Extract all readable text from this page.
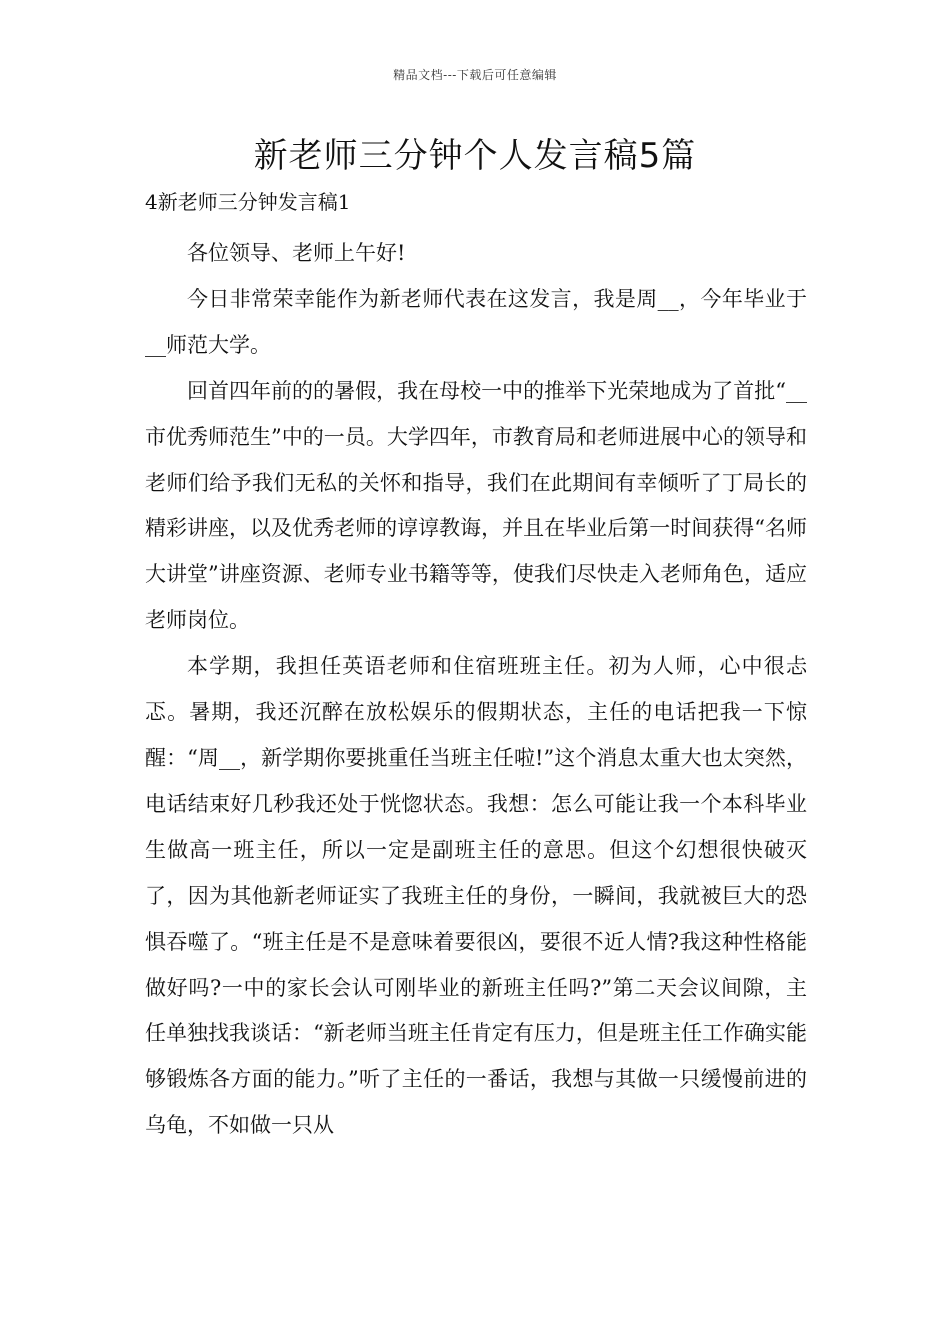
精品文档---下载后可任意编辑
新老师三分钟个人发言稿5篇
4新老师三分钟发言稿1

各位领导、老师上午好!

今日非常荣幸能作为新老师代表在这发言，我是周__，今年毕业于__师范大学。

回首四年前的的暑假，我在母校一中的推举下光荣地成为了首批“__市优秀师范生”中的一员。大学四年，市教育局和老师进展中心的领导和老师们给予我们无私的关怀和指导，我们在此期间有幸倾听了丁局长的精彩讲座，以及优秀老师的谆谆教诲，并且在毕业后第一时间获得“名师大讲堂”讲座资源、老师专业书籍等等，使我们尽快走入老师角色，适应老师岗位。

本学期，我担任英语老师和住宿班班主任。初为人师，心中很忐忑。暑期，我还沉醉在放松娱乐的假期状态，主任的电话把我一下惊醒：“周__，新学期你要挑重任当班主任啦!”这个消息太重大也太突然，电话结束好几秒我还处于恍惚状态。我想：怎么可能让我一个本科毕业生做高一班主任，所以一定是副班主任的意思。但这个幻想很快破灭了，因为其他新老师证实了我班主任的身份，一瞬间，我就被巨大的恐惧吞噬了。“班主任是不是意味着要很凶，要很不近人情?我这种性格能做好吗?一中的家长会认可刚毕业的新班主任吗?”第二天会议间隙，主任单独找我谈话：“新老师当班主任肯定有压力，但是班主任工作确实能够锻炼各方面的能力。”听了主任的一番话，我想与其做一只缓慢前进的乌龟，不如做一只从
